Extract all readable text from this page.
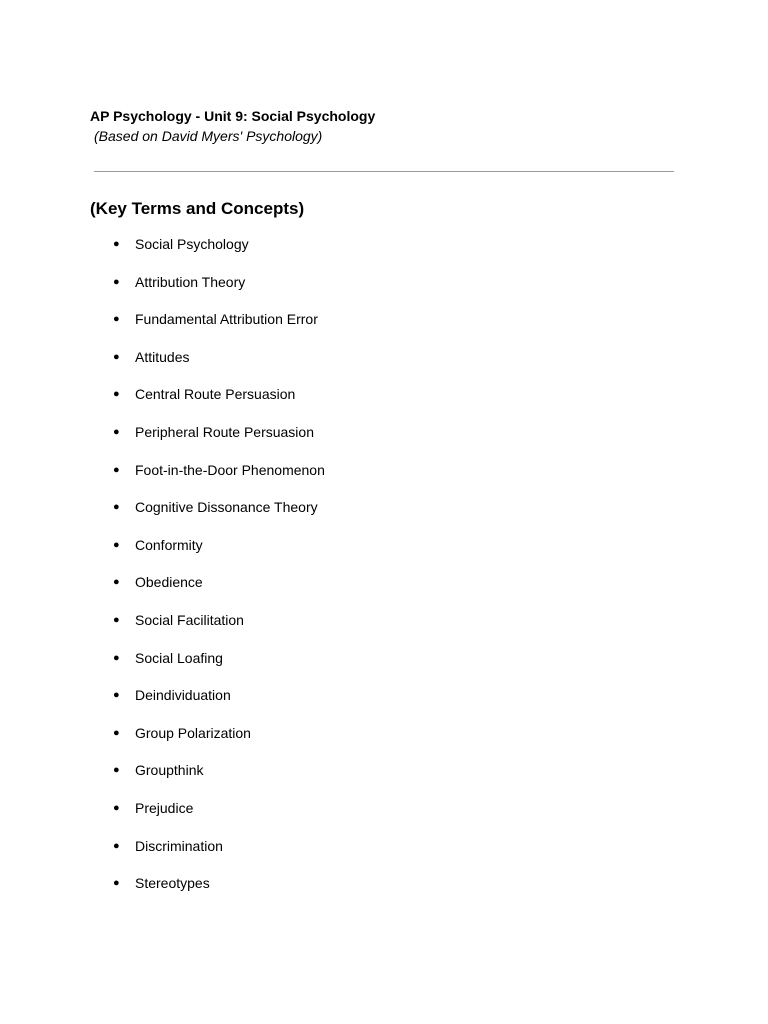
AP Psychology - Unit 9: Social Psychology
(Based on David Myers' Psychology)
(Key Terms and Concepts)
● Social Psychology
● Attribution Theory
● Fundamental Attribution Error
● Attitudes
● Central Route Persuasion
● Peripheral Route Persuasion
● Foot-in-the-Door Phenomenon
● Cognitive Dissonance Theory
● Conformity
● Obedience
● Social Facilitation
● Social Loafing
● Deindividuation
● Group Polarization
● Groupthink
● Prejudice
● Discrimination
● Stereotypes
